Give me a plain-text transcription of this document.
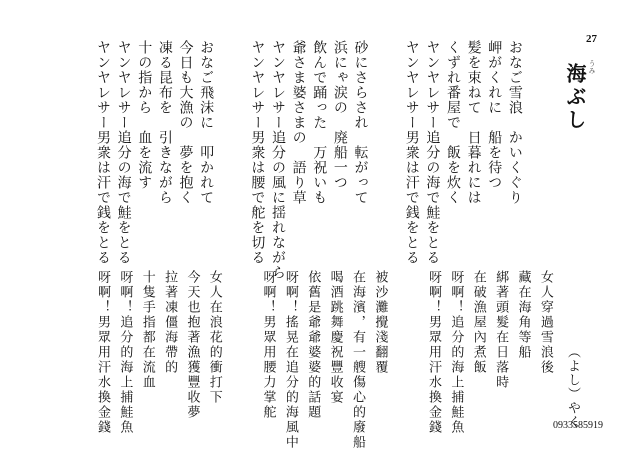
27
うみ
海ぶし
おなご雪浪　かいくぐり
岬がくれに　船を待つ
髪を束ねて　日暮れには
くずれ番屋で　飯を炊く
ヤンヤレサー追分の海で鮭をとる
ヤンヤレサー男衆は汗で銭をとる
砂にさらされ　転がって
浜にゃ涙の　廃船一つ
飲んで踊った　万祝いも
爺さま婆さまの　語り草
ヤンヤレサー追分の風に揺れながら
ヤンヤレサー男衆は腰で舵を切る
おなご飛沫に　叩かれて
今日も大漁の　夢を抱く
凍る昆布を　引きながら
十の指から　血を流す
ヤンヤレサー追分の海で鮭をとる
ヤンヤレサー男衆は汗で銭をとる
（よし）やく
女人穿過雪浪後
藏在海角等船
綁著頭髮在日落時
在破漁屋內煮飯
呀啊！追分的海上捕鮭魚
呀啊！男眾用汗水換金錢
被沙灘攪淺翻覆
在海濱，有一艘傷心的廢船
喝酒跳舞慶祝豐收宴
依舊是爺爺婆婆的話題
呀啊！搖晃在追分的海風中
呀啊！男眾用腰力掌舵
女人在浪花的衝打下
今天也抱著漁獲豐收夢
拉著凍僵海帶的
十隻手指都在流血
呀啊！追分的海上捕鮭魚
呀啊！男眾用汗水換金錢	0933585919
